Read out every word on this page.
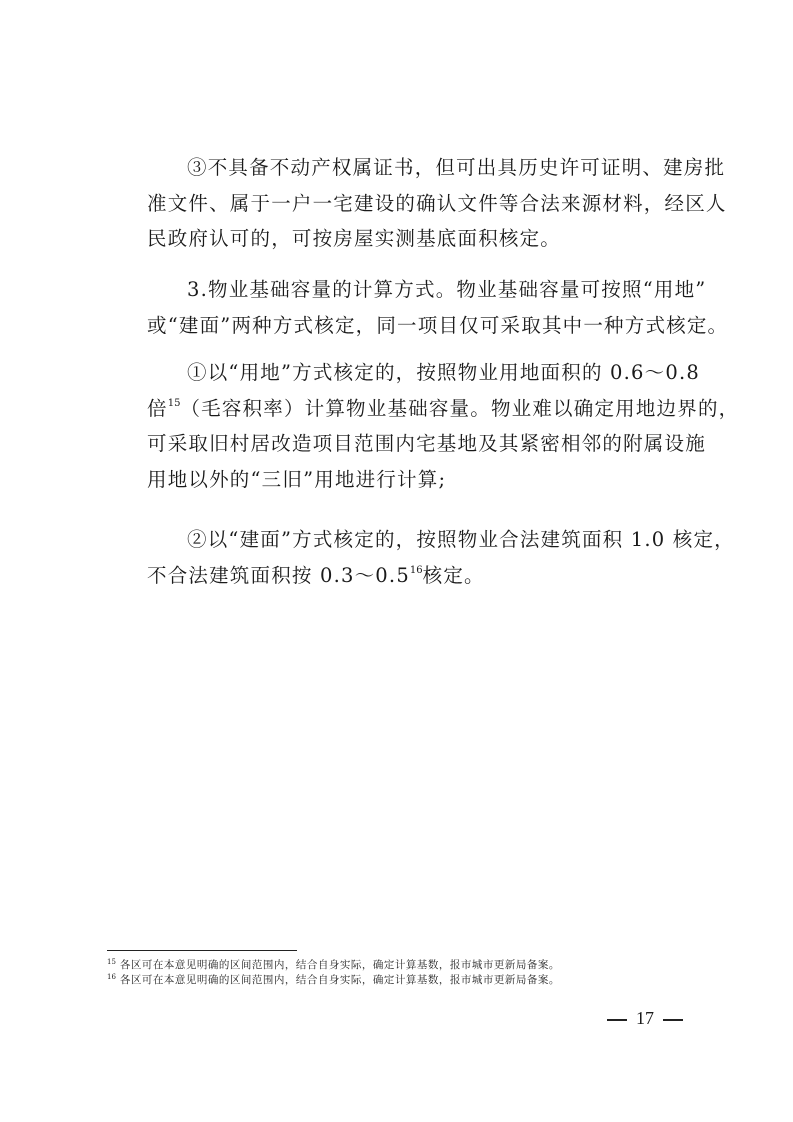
③不具备不动产权属证书，但可出具历史许可证明、建房批
准文件、属于一户一宅建设的确认文件等合法来源材料，经区人
民政府认可的，可按房屋实测基底面积核定。
3.物业基础容量的计算方式。物业基础容量可按照“用地”
或“建面”两种方式核定，同一项目仅可采取其中一种方式核定。
①以“用地”方式核定的，按照物业用地面积的 0.6～0.8
倍$^{15}$（毛容积率）计算物业基础容量。物业难以确定用地边界的，
可采取旧村居改造项目范围内宅基地及其紧密相邻的附属设施
用地以外的“三旧”用地进行计算;
②以“建面”方式核定的，按照物业合法建筑面积 1.0 核定，
不合法建筑面积按 $0.3\sim 0.5^{16}$核定。
$^{15}$ 各区可在本意见明确的区间范围内，结合自身实际，确定计算基数，报市城市更新局备案。
$^{16}$ 各区可在本意见明确的区间范围内，结合自身实际，确定计算基数，报市城市更新局备案。
17
